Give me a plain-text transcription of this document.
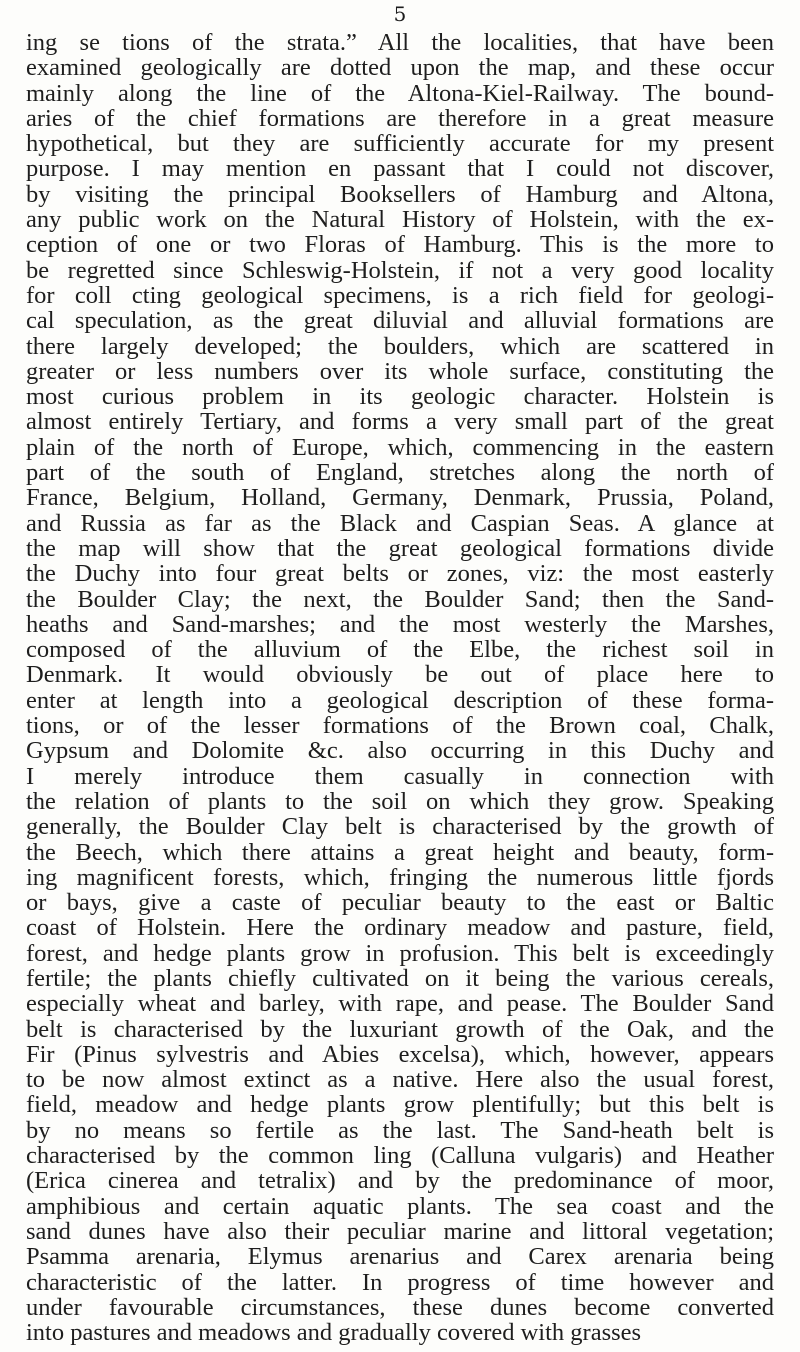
5
ing se tions of the strata.” All the localities, that have been
examined geologically are dotted upon the map, and these occur
mainly along the line of the Altona-Kiel-Railway. The bound-
aries of the chief formations are therefore in a great measure
hypothetical, but they are sufficiently accurate for my present
purpose. I may mention en passant that I could not discover,
by visiting the principal Booksellers of Hamburg and Altona,
any public work on the Natural History of Holstein, with the ex-
ception of one or two Floras of Hamburg. This is the more to
be regretted since Schleswig-Holstein, if not a very good locality
for coll cting geological specimens, is a rich field for geologi-
cal speculation, as the great diluvial and alluvial formations are
there largely developed; the boulders, which are scattered in
greater or less numbers over its whole surface, constituting the
most curious problem in its geologic character. Holstein is
almost entirely Tertiary, and forms a very small part of the great
plain of the north of Europe, which, commencing in the eastern
part of the south of England, stretches along the north of
France, Belgium, Holland, Germany, Denmark, Prussia, Poland,
and Russia as far as the Black and Caspian Seas. A glance at
the map will show that the great geological formations divide
the Duchy into four great belts or zones, viz: the most easterly
the Boulder Clay; the next, the Boulder Sand; then the Sand-
heaths and Sand-marshes; and the most westerly the Marshes,
composed of the alluvium of the Elbe, the richest soil in
Denmark. It would obviously be out of place here to
enter at length into a geological description of these forma-
tions, or of the lesser formations of the Brown coal, Chalk,
Gypsum and Dolomite &c. also occurring in this Duchy and
I merely introduce them casually in connection with
the relation of plants to the soil on which they grow. Speaking
generally, the Boulder Clay belt is characterised by the growth of
the Beech, which there attains a great height and beauty, form-
ing magnificent forests, which, fringing the numerous little fjords
or bays, give a caste of peculiar beauty to the east or Baltic
coast of Holstein. Here the ordinary meadow and pasture, field,
forest, and hedge plants grow in profusion. This belt is exceedingly
fertile; the plants chiefly cultivated on it being the various cereals,
especially wheat and barley, with rape, and pease. The Boulder Sand
belt is characterised by the luxuriant growth of the Oak, and the
Fir (Pinus sylvestris and Abies excelsa), which, however, appears
to be now almost extinct as a native. Here also the usual forest,
field, meadow and hedge plants grow plentifully; but this belt is
by no means so fertile as the last. The Sand-heath belt is
characterised by the common ling (Calluna vulgaris) and Heather
(Erica cinerea and tetralix) and by the predominance of moor,
amphibious and certain aquatic plants. The sea coast and the
sand dunes have also their peculiar marine and littoral vegetation;
Psamma arenaria, Elymus arenarius and Carex arenaria being
characteristic of the latter. In progress of time however and
under favourable circumstances, these dunes become converted
into pastures and meadows and gradually covered with grasses
